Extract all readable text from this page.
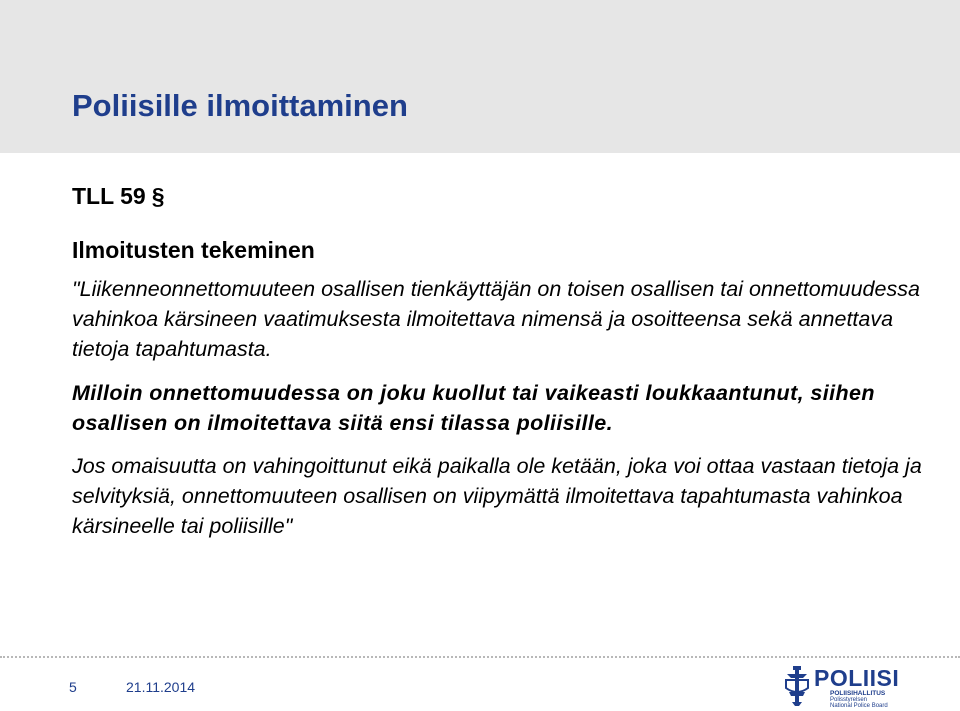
Poliisille ilmoittaminen

TLL 59 §

Ilmoitusten tekeminen

"Liikenneonnettomuuteen osallisen tienkäyttäjän on toisen osallisen tai onnettomuudessa vahinkoa kärsineen vaatimuksesta ilmoitettava nimensä ja osoitteensa sekä annettava tietoja tapahtumasta.

Milloin onnettomuudessa on joku kuollut tai vaikeasti loukkaantunut, siihen osallisen on ilmoitettava siitä ensi tilassa poliisille.

Jos omaisuutta on vahingoittunut eikä paikalla ole ketään, joka voi ottaa vastaan tietoja ja selvityksiä, onnettomuuteen osallisen on viipymättä ilmoitettava tapahtumasta vahinkoa kärsineelle tai poliisille"

5	21.11.2014	POLIISI
POLIISIHALLITUS
Polisstyrelsen
National Police Board
